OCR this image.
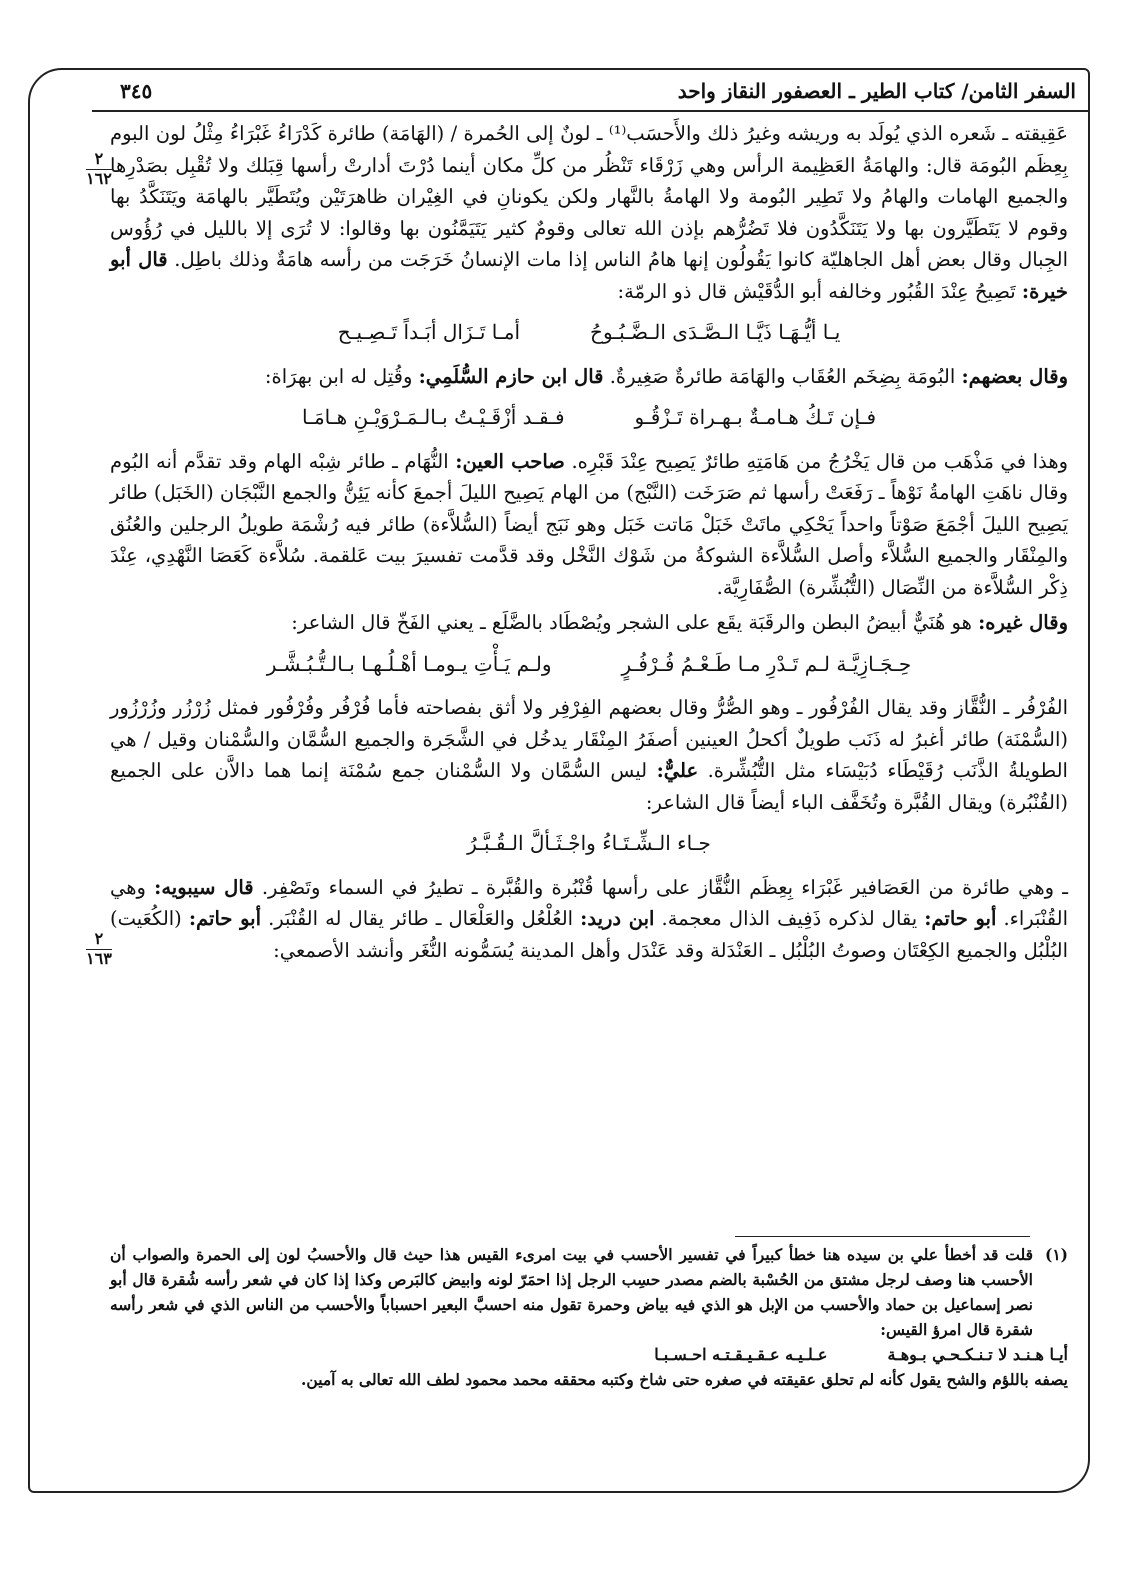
السفر الثامن/ كتاب الطير ـ العصفور النقاز واحد
٣٤٥
٢
١٦٢
٢
١٦٣

عَقِيقته ـ شَعره الذي يُولَد به وريشه وغيرُ ذلك والأَحسَب⁽¹⁾ ـ لونٌ إلى الحُمرة / (الهَامَة) طائرة كَدْرَاءُ غَبْرَاءُ مِثْلُ لون البوم بِعِظَم البُومَة قال: والهامَةُ العَظِيمة الرأس وهي زَرْقَاء تَنْظُر من كلِّ مكان أينما دُرْتَ أدارتْ رأسها قِبَلك ولا تُقْبِل بصَدْرِها والجميع الهامات والهامُ ولا تَطِير البُومة ولا الهامةُ بالنَّهار ولكن يكونانِ في الغِيْران ظاهرَتَيْن ويُتَطَيَّر بالهامَة ويَتَنَكَّدُ بها وقوم لا يَتَطَيَّرون بها ولا يَتَنَكَّدُون فلا تَضُرُّهم بإذن الله تعالى وقومٌ كثير يَتَيَمَّنُون بها وقالوا: لا تُرَى إلا بالليل في رُؤُوس الجِبال وقال بعض أهل الجاهليّة كانوا يَقُولُون إنها هامُ الناس إذا مات الإنسانُ خَرَجَت من رأسه هامَةٌ وذلك باطِل. قال أبو خيرة: تَصِيحُ عِنْدَ القُبُور وخالفه أبو الدُّقَيْش قال ذو الرمّة:

يـا أيُّـهَـا ذَيَّـا الـصَّـدَى الـضَّـبُـوحُ
أمـا تَـزَال أبَـداً تَـصِـيـح

وقال بعضهم: البُومَة بِضِخَم العُقَاب والهَامَة طائرةٌ صَغِيرةٌ. قال ابن حازم السُّلَمِي: وقُتِل له ابن بهرَاة:

فـإن تَـكُ هـامـةٌ بـهـراة تَـزْقُـو
فـقـد أزْقَـيْـتُ بـالـمَـرْوَيْـنِ هـامَـا

وهذا في مَذْهَب من قال يَخْرُجُ من هَامَتِهِ طائرٌ يَصِيح عِنْدَ قَبْرِه. صاحب العين: النُّهَام ـ طائر شِبْه الهام وقد تقدَّم أنه البُوم وقال ناهَتِ الهامةُ نَوْهاً ـ رَفَعَتْ رأسها ثم صَرَخَت (النَّبْج) من الهام يَصِيح الليلَ أجمعَ كأنه يَئِنُّ والجمع النَّبْجَان (الخَبَل) طائر يَصِيح الليلَ أجْمَعَ صَوْتاً واحداً يَحْكِي ماتَتْ خَبَلْ مَاتت خَبَل وهو نَبَج أيضاً (السُّلاَّءة) طائر فيه رُشْمَة طويلُ الرجلين والعُنُق والمِنْقَار والجميع السُّلاَّء وأصل السُّلاَّءة الشوكةُ من شَوْك النَّخْل وقد قدَّمت تفسيرَ بيت عَلقمة. سُلاَّءة كَعَصَا النَّهْدِي، عِنْدَ ذِكْر السُّلاَّءة من النِّصَال (التُّبُشِّرة) الصُّفَارِيَّة.

وقال غيره: هو هُنَيٌّ أبيضُ البطن والرقَبَة يقَع على الشجر ويُصْطَاد بالضَّلَع ـ يعني الفَخّ قال الشاعر:

حِـجَـازِيَّـة لـم تَـدْرِ مـا طَـعْـمُ فُـرْفُـرٍ
ولـم يَـأْتِ يـومـا أهْـلُـهـا بـالـتُّـبُـشَّـر

الفُرْفُر ـ النُّقَّاز وقد يقال الفُرْفُور ـ وهو الصُّرُّ وقال بعضهم الفِرْفِر ولا أثق بفصاحته فأما فُرْفُر وفُرْفُور فمثل زُرْزُر وزُرْزُور (السُّمْنَة) طائر أغبرُ له ذَنَب طويلٌ أكحلُ العينين أصفَرُ المِنْقَار يدخُل في الشَّجَرة والجميع السُّمَّان والسُّمْنان وقيل / هي الطويلةُ الذَّنَب رُقَيْطَاء دُبَيْسَاء مثل التُّبُشِّرة. عليٌّ: ليس السُّمَّان ولا السُّمْنان جمع سُمْنَة إنما هما دالاَّن على الجميع (القُنْبُرة) ويقال القُبَّرة وتُخَفَّف الباء أيضاً قال الشاعر:

جـاء الـشِّـتَـاءُ واجْـثَـألَّ الـقُـبَّـرُ

ـ وهي طائرة من العَصَافير غَبْرَاء بِعِظَم النُّقَّاز على رأسها قُنْبُرة والقُبَّرة ـ تطيرُ في السماء وتَصْفِر. قال سيبويه: وهي القُنْبَراء. أبو حاتم: يقال لذكره ذَفِيف الذال معجمة. ابن دريد: العُلْعُل والعَلْعَال ـ طائر يقال له القُنْبَر. أبو حاتم: (الكُعَيت) البُلْبُل والجميع الكِعْتَان وصوتُ البُلْبُل ـ العَنْدَلة وقد عَنْدَل وأهل المدينة يُسَمُّونه النُّغَر وأنشد الأصمعي:

(١)
قلت قد أخطأ علي بن سيده هنا خطأ كبيراً في تفسير الأحسب في بيت امرىء القيس هذا حيث قال والأحسبُ لون إلى الحمرة والصواب أن الأحسب هنا وصف لرجل مشتق من الحُسْبة بالضم مصدر حسِب الرجل إذا احمَرّ لونه وابيض كالبَرص وكذا إذا كان في شعر رأسه شُقرة قال أبو نصر إسماعيل بن حماد والأحسب من الإبل هو الذي فيه بياض وحمرة تقول منه احسبَّ البعير احسباباً والأحسب من الناس الذي في شعر رأسه شقرة قال امرؤ القيس:
أيـا هـنـد لا تـنـكـحـي بـوهـة
عـلـيـه عـقـيـقـتـه احـسـبـا
يصفه باللؤم والشح يقول كأنه لم تحلق عقيقته في صغره حتى شاخ وكتبه محققه محمد محمود لطف الله تعالى به آمين.
